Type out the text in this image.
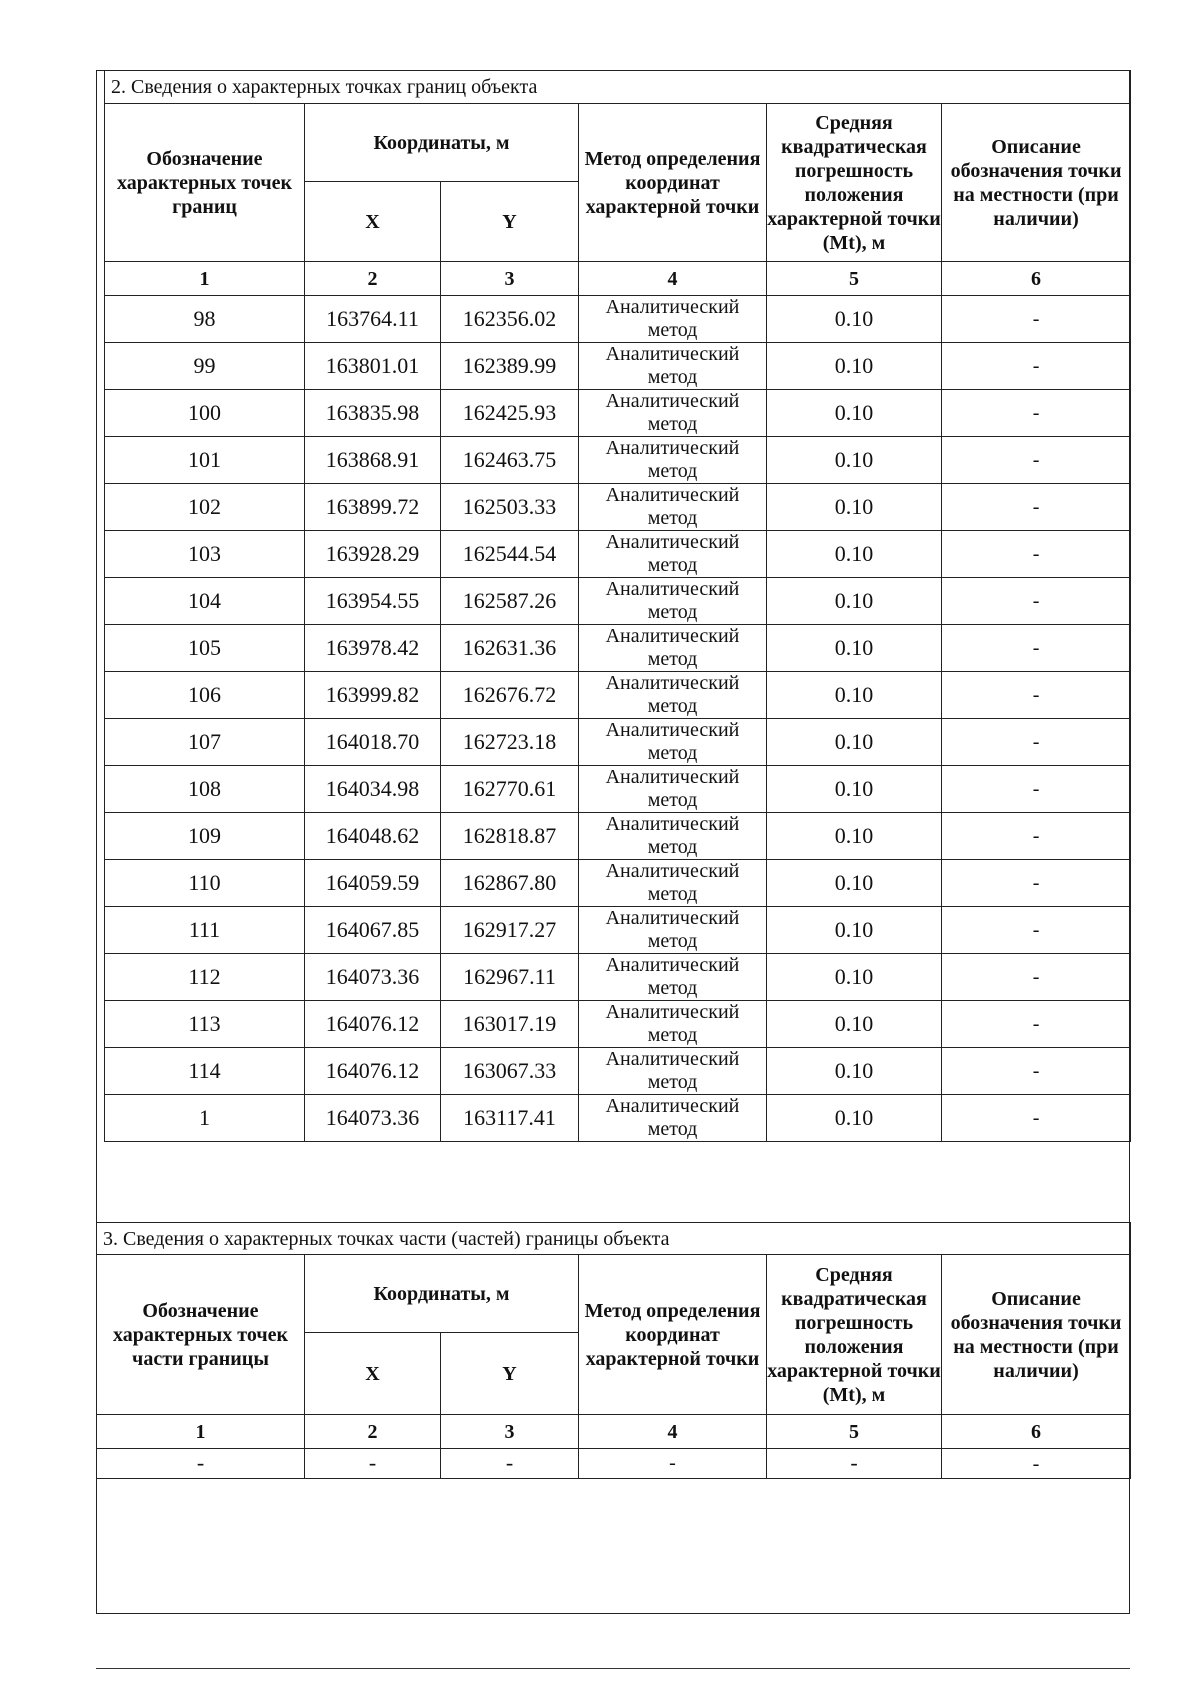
2. Сведения о характерных точках границ объекта					
Обозначение характерных точек границ	Координаты, м		Метод определения координат характерной точки	Средняя квадратическая погрешность положения характерной точки (Mt), м	Описание обозначения точки на местности (при наличии)
	X	Y			
1	2	3	4	5	6
98	163764.11	162356.02	Аналитический метод	0.10	-
99	163801.01	162389.99	Аналитический метод	0.10	-
100	163835.98	162425.93	Аналитический метод	0.10	-
101	163868.91	162463.75	Аналитический метод	0.10	-
102	163899.72	162503.33	Аналитический метод	0.10	-
103	163928.29	162544.54	Аналитический метод	0.10	-
104	163954.55	162587.26	Аналитический метод	0.10	-
105	163978.42	162631.36	Аналитический метод	0.10	-
106	163999.82	162676.72	Аналитический метод	0.10	-
107	164018.70	162723.18	Аналитический метод	0.10	-
108	164034.98	162770.61	Аналитический метод	0.10	-
109	164048.62	162818.87	Аналитический метод	0.10	-
110	164059.59	162867.80	Аналитический метод	0.10	-
111	164067.85	162917.27	Аналитический метод	0.10	-
112	164073.36	162967.11	Аналитический метод	0.10	-
113	164076.12	163017.19	Аналитический метод	0.10	-
114	164076.12	163067.33	Аналитический метод	0.10	-
1	164073.36	163117.41	Аналитический метод	0.10	-
3. Сведения о характерных точках части (частей) границы объекта					
Обозначение характерных точек части границы	Координаты, м		Метод определения координат характерной точки	Средняя квадратическая погрешность положения характерной точки (Mt), м	Описание обозначения точки на местности (при наличии)
	X	Y			
1	2	3	4	5	6
-	-	-	-	-	-
